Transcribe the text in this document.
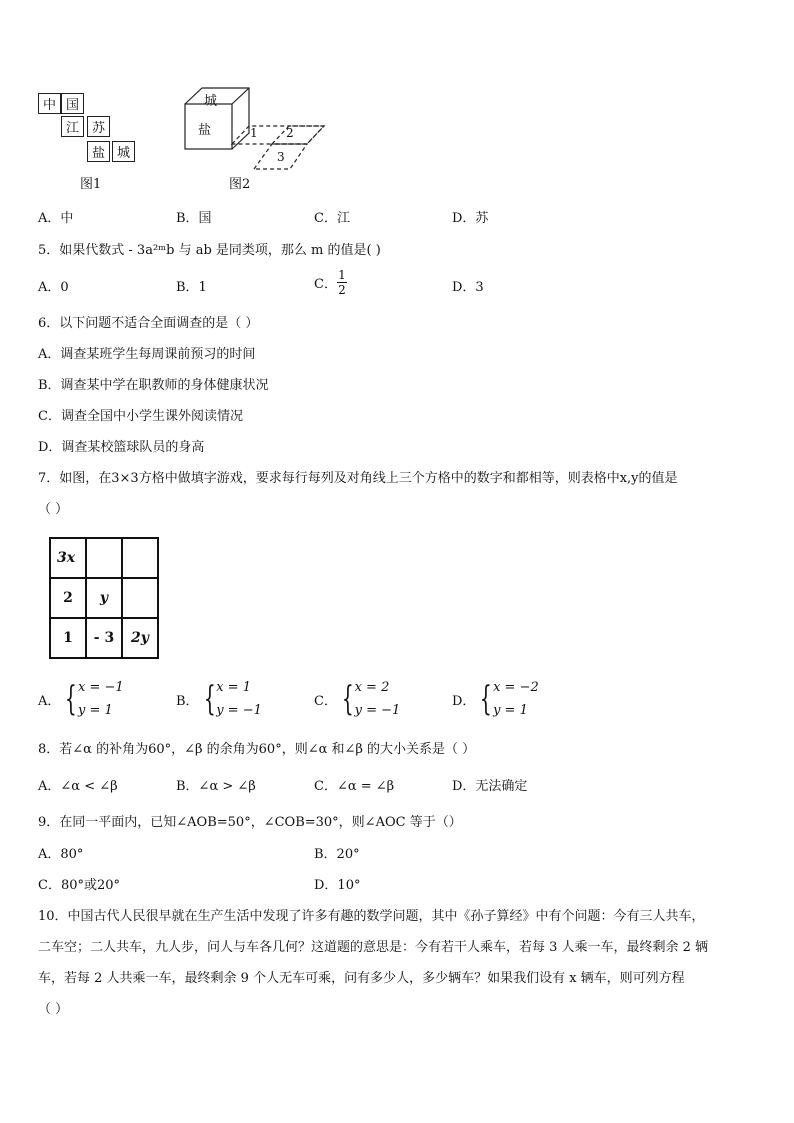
中 国
江 苏
盐 城
图1
城
盐	1 2
3
图2
A．中	B．国	C．江	D．苏
5．如果代数式 - 3a²ᵐb 与 ab 是同类项，那么 m 的值是( )
A．0	B．1	C． $\frac{1}{2}$	D．3
6．以下问题不适合全面调查的是（ ）
A．调查某班学生每周课前预习的时间
B．调查某中学在职教师的身体健康状况
C．调查全国中小学生课外阅读情况
D．调查某校篮球队员的身高
7．如图，在3×3方格中做填字游戏，要求每行每列及对角线上三个方格中的数字和都相等，则表格中x,y的值是
（ ）
3x
2	y
1	- 3	2y
A． { x = −1
y = 1
B． { x = 1
y = −1
C． { x = 2
y = −1
D． { x = −2
y = 1
8．若∠α 的补角为60°，∠β 的余角为60°，则∠α 和∠β 的大小关系是（ ）
A．∠α < ∠β	B．∠α > ∠β	C．∠α = ∠β	D．无法确定
9．在同一平面内，已知∠AOB=50°，∠COB=30°，则∠AOC 等于（）
A．80°	B．20°
C．80°或20°	D．10°
10．中国古代人民很早就在生产生活中发现了许多有趣的数学问题，其中《孙子算经》中有个问题：今有三人共车，
二车空；二人共车，九人步，问人与车各几何？这道题的意思是：今有若干人乘车，若每 3 人乘一车，最终剩余 2 辆
车，若每 2 人共乘一车，最终剩余 9 个人无车可乘，问有多少人，多少辆车？如果我们设有 x 辆车，则可列方程
（ ）
